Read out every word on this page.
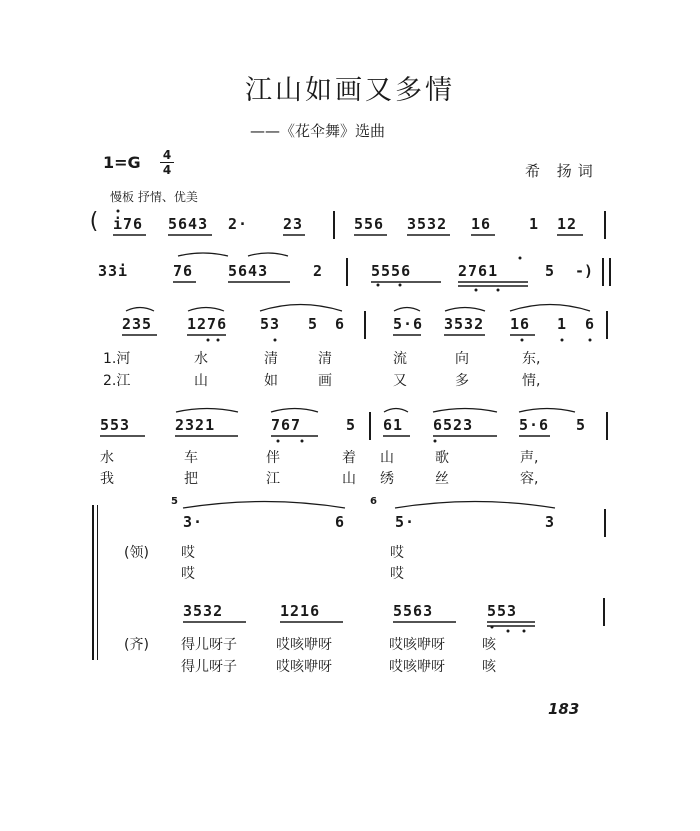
江山如画又多情
——《花伞舞》选曲
1=G 4
4	希 扬词
慢板 抒情、优美
( i76 5643 2· 23	556 3532 16	1 12
33i	76 5643	2	5556	2761	5 -)
235 1276 53 5 6	5·6 3532 16 1 6
1.河	水	清	清	流	向	东,
2.江	山	如	画	又	多	情,
553	2321	767	5 61 6523	5·6 5
水	车	伴	着 山	歌	声,
我	把	江	山 绣	丝	容,
5	6
3·	6	5·	3
(领) 哎	哎
哎	哎
3532	1216	5563	553
(齐) 得儿呀子	哎咳咿呀	哎咳咿呀	咳
得儿呀子	哎咳咿呀	哎咳咿呀	咳
183
